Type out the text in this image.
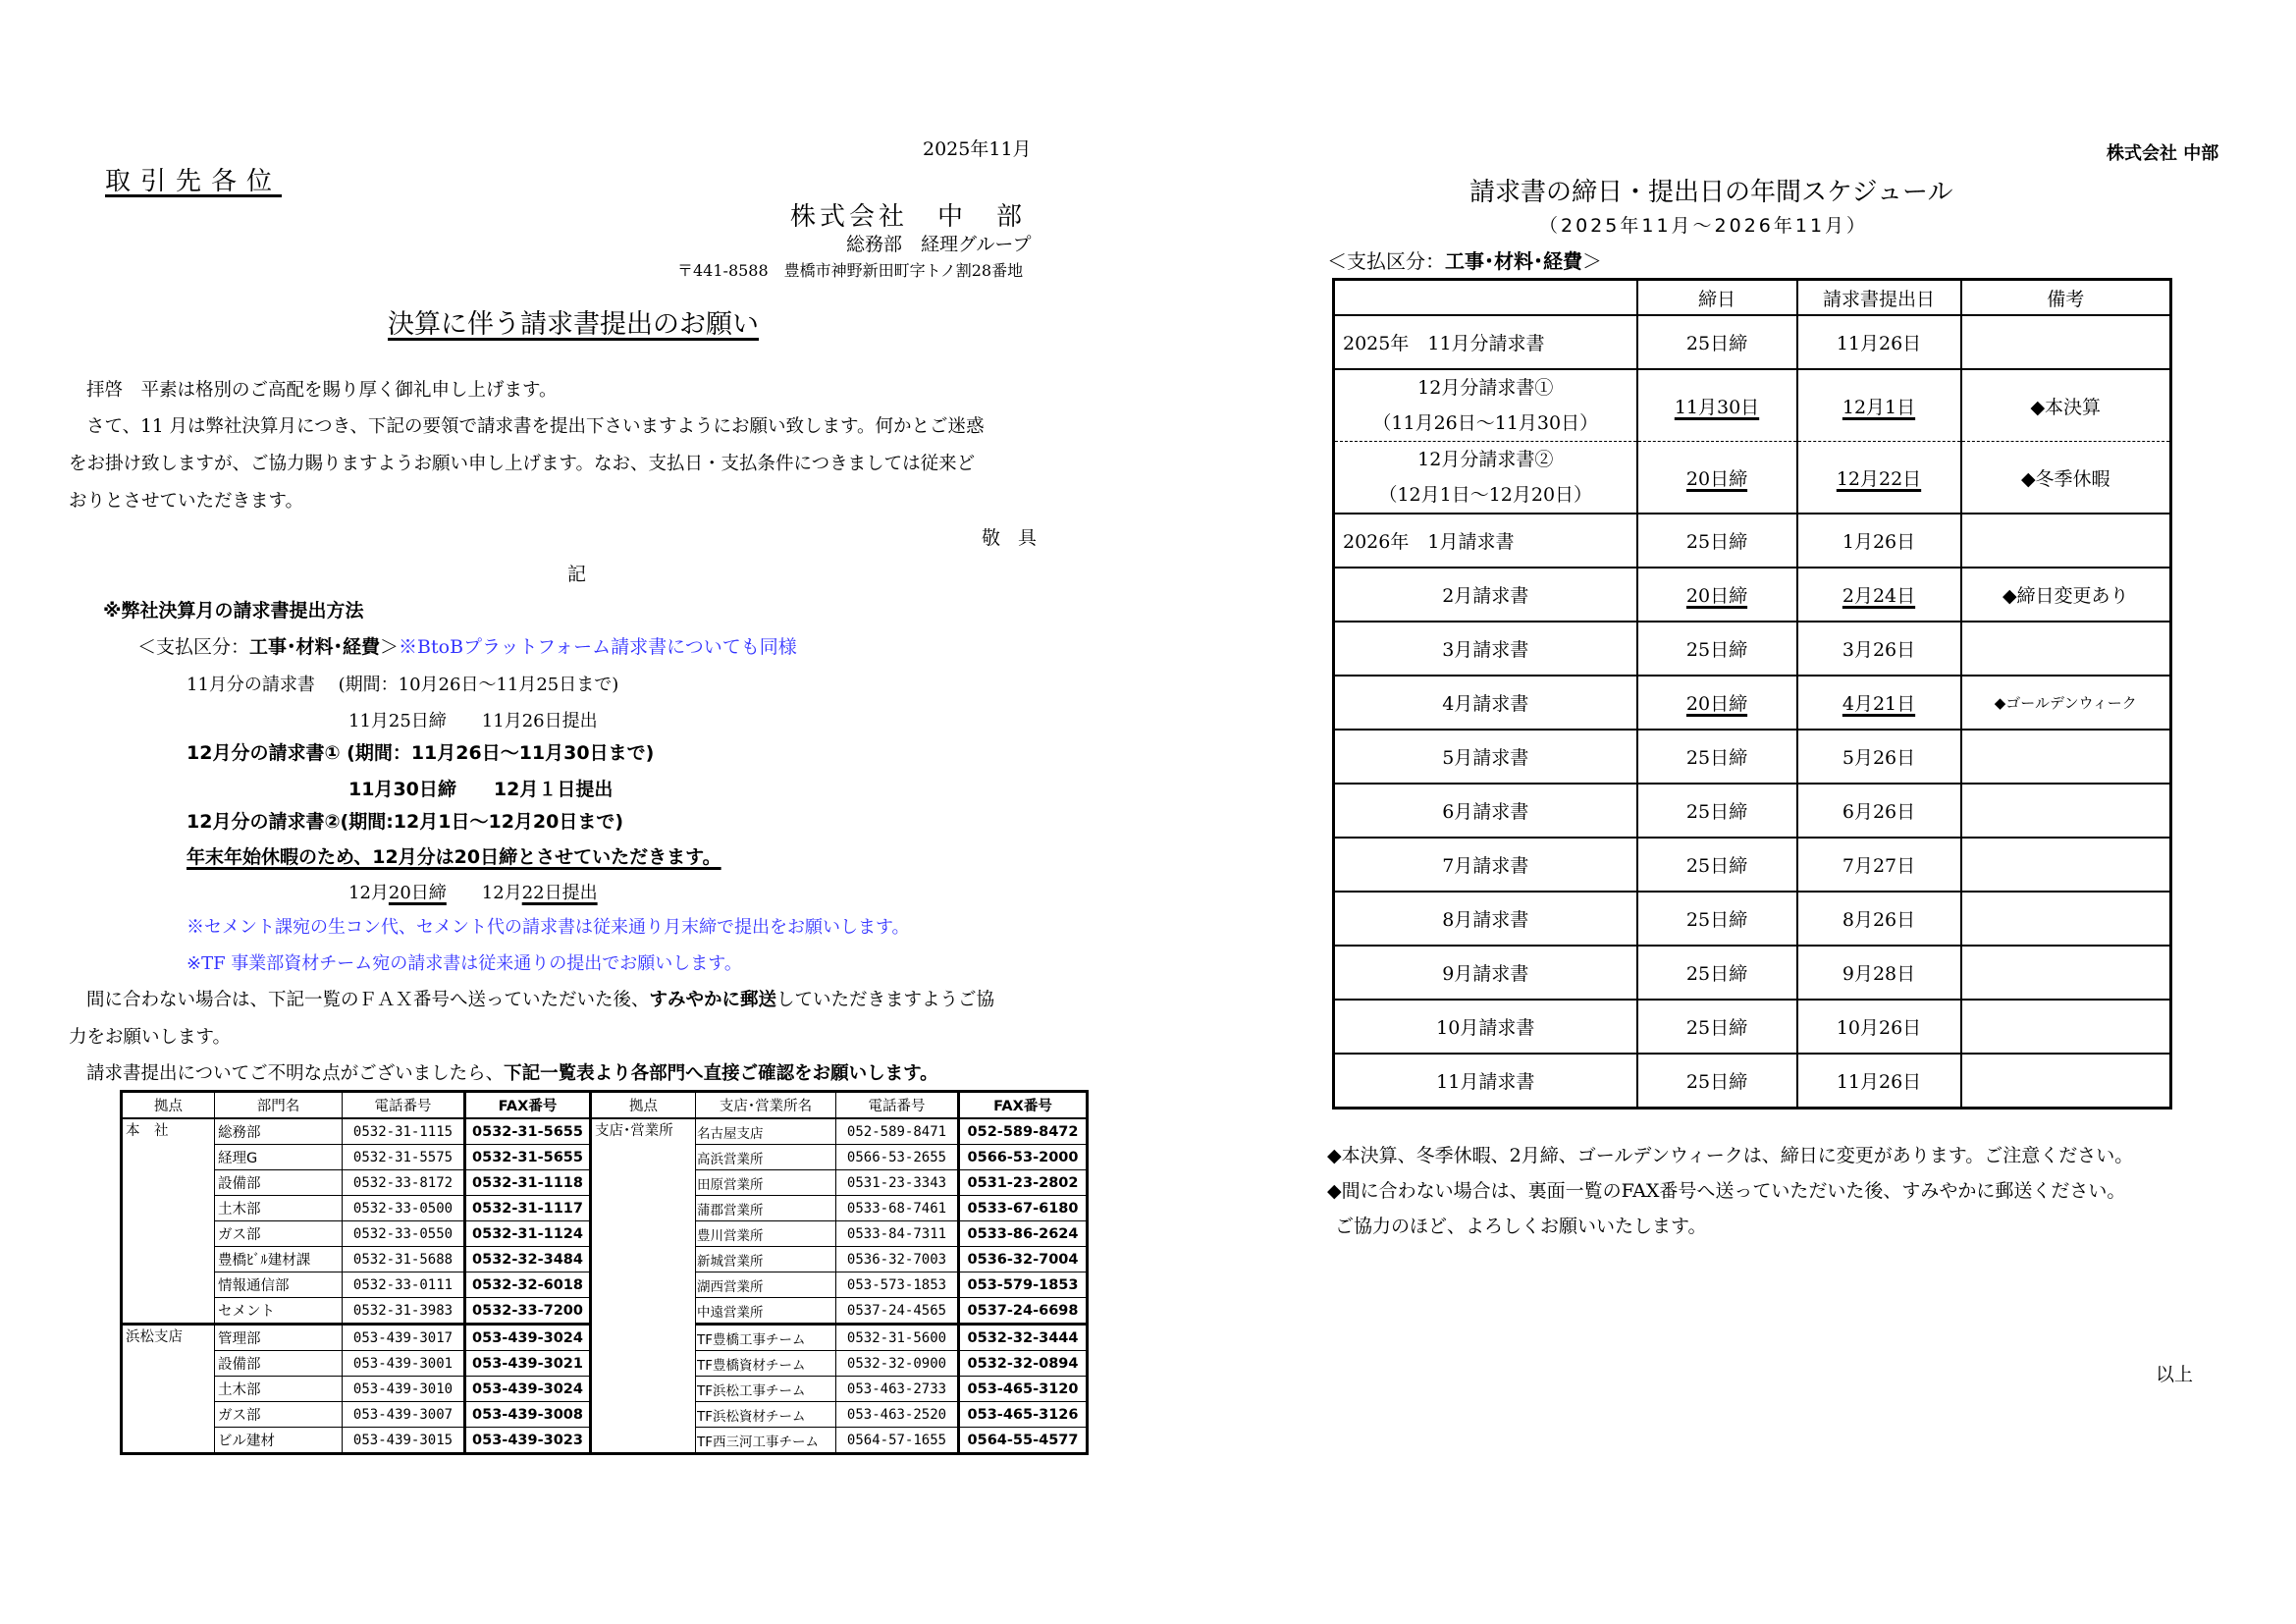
2025年11月
取引先各位
株式会社　中　部
総務部　経理グループ
〒441-8588　豊橋市神野新田町字トノ割28番地
決算に伴う請求書提出のお願い
拝啓　平素は格別のご高配を賜り厚く御礼申し上げます。
さて、11 月は弊社決算月につき、下記の要領で請求書を提出下さいますようにお願い致します。何かとご迷惑
をお掛け致しますが、ご協力賜りますようお願い申し上げます。なお、支払日・支払条件につきましては従来ど
おりとさせていただきます。
敬具
記
※弊社決算月の請求書提出方法
＜支払区分：工事･材料･経費＞※BtoBプラットフォーム請求書についても同様
11月分の請求書　 (期間：10月26日～11月25日まで)
11月25日締　　11月26日提出
12月分の請求書① (期間：11月26日～11月30日まで)
11月30日締　　12月１日提出
12月分の請求書②(期間:12月1日～12月20日まで)
年末年始休暇のため、12月分は20日締とさせていただきます。
12月20日締　　12月22日提出
※セメント課宛の生コン代、セメント代の請求書は従来通り月末締で提出をお願いします。
※TF 事業部資材チーム宛の請求書は従来通りの提出でお願いします。
間に合わない場合は、下記一覧のＦＡＸ番号へ送っていただいた後、すみやかに郵送していただきますようご協
力をお願いします。
請求書提出についてご不明な点がございましたら、下記一覧表より各部門へ直接ご確認をお願いします。
拠点	部門名	電話番号	FAX番号	拠点	支店･営業所名	電話番号	FAX番号
本　社	総務部	0532-31-1115	0532-31-5655	支店･営業所	名古屋支店	052-589-8471	052-589-8472
	経理G	0532-31-5575	0532-31-5655		高浜営業所	0566-53-2655	0566-53-2000
	設備部	0532-33-8172	0532-31-1118		田原営業所	0531-23-3343	0531-23-2802
	土木部	0532-33-0500	0532-31-1117		蒲郡営業所	0533-68-7461	0533-67-6180
	ガス部	0532-33-0550	0532-31-1124		豊川営業所	0533-84-7311	0533-86-2624
	豊橋ﾋﾞﾙ建材課	0532-31-5688	0532-32-3484		新城営業所	0536-32-7003	0536-32-7004
	情報通信部	0532-33-0111	0532-32-6018		湖西営業所	053-573-1853	053-579-1853
	セメント	0532-31-3983	0532-33-7200		中遠営業所	0537-24-4565	0537-24-6698
浜松支店	管理部	053-439-3017	053-439-3024		TF豊橋工事チーム	0532-31-5600	0532-32-3444
	設備部	053-439-3001	053-439-3021		TF豊橋資材チーム	0532-32-0900	0532-32-0894
	土木部	053-439-3010	053-439-3024		TF浜松工事チーム	053-463-2733	053-465-3120
	ガス部	053-439-3007	053-439-3008		TF浜松資材チーム	053-463-2520	053-465-3126
	ビル建材	053-439-3015	053-439-3023		TF西三河工事チーム	0564-57-1655	0564-55-4577
株式会社 中部
請求書の締日・提出日の年間スケジュール
（2025年11月～2026年11月）
＜支払区分：工事･材料･経費＞
	締日	請求書提出日	備考
2025年　11月分請求書	25日締	11月26日	

12月分請求書①
（11月26日～11月30日）	11月30日	12月1日	◆本決算

12月分請求書②
（12月1日～12月20日）	20日締	12月22日	◆冬季休暇
2026年　1月請求書	25日締	1月26日	
2月請求書	20日締	2月24日	◆締日変更あり
3月請求書	25日締	3月26日	
4月請求書	20日締	4月21日	◆ゴールデンウィーク
5月請求書	25日締	5月26日	
6月請求書	25日締	6月26日	
7月請求書	25日締	7月27日	
8月請求書	25日締	8月26日	
9月請求書	25日締	9月28日	
10月請求書	25日締	10月26日	
11月請求書	25日締	11月26日	
◆本決算、冬季休暇、2月締、ゴールデンウィークは、締日に変更があります。ご注意ください。
◆間に合わない場合は、裏面一覧のFAX番号へ送っていただいた後、すみやかに郵送ください。
ご協力のほど、よろしくお願いいたします。
以上
